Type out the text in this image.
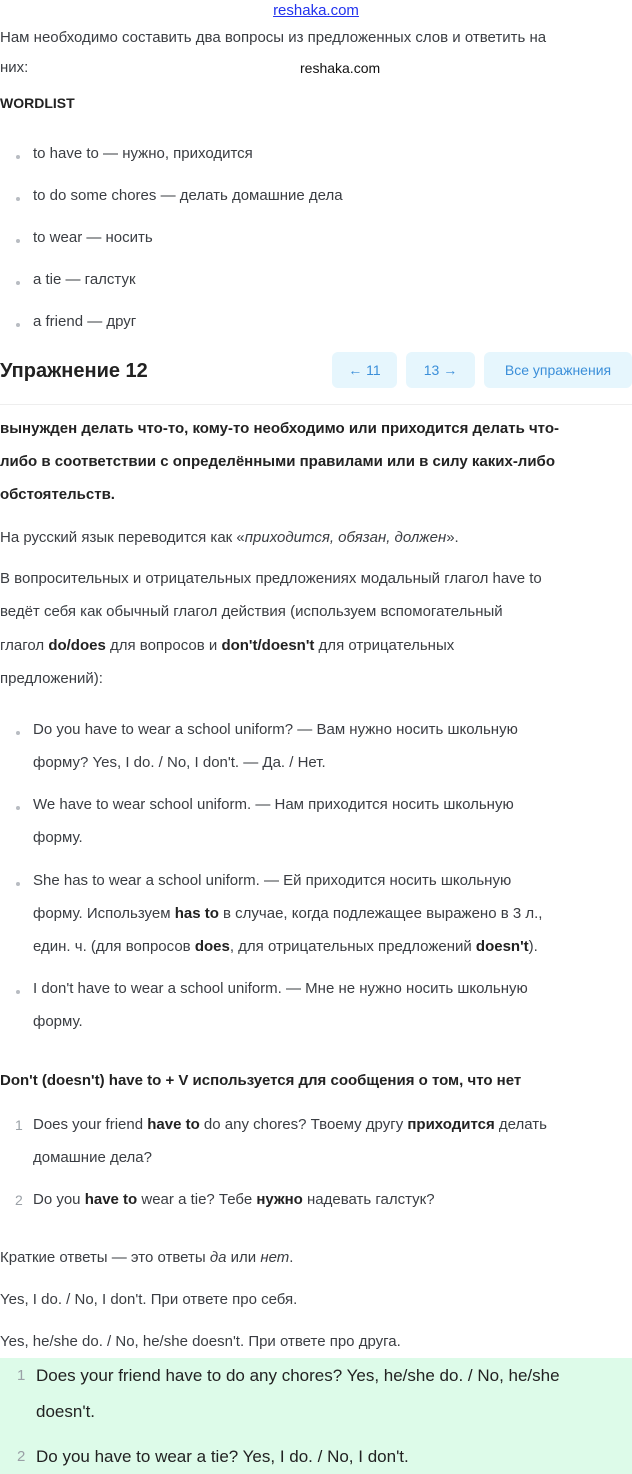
reshaka.com
Нам необходимо составить два вопросы из предложенных слов и ответить на
них:	reshaka.com
WORDLIST
to have to — нужно, приходится
to do some chores — делать домашние дела
to wear — носить
a tie — галстук
a friend — друг
Упражнение 12	← 11	13 →	Все упражнения
вынужден делать что-то, кому-то необходимо или приходится делать что-
либо в соответствии с определёнными правилами или в силу каких-либо
обстоятельств.
На русский язык переводится как «приходится, обязан, должен».
В вопросительных и отрицательных предложениях модальный глагол have to
ведёт себя как обычный глагол действия (используем вспомогательный
глагол do/does для вопросов и don't/doesn't для отрицательных
предложений):
Do you have to wear a school uniform? — Вам нужно носить школьную
форму? Yes, I do. / No, I don't. — Да. / Нет.
We have to wear school uniform. — Нам приходится носить школьную
форму.
She has to wear a school uniform. — Ей приходится носить школьную
форму. Используем has to в случае, когда подлежащее выражено в 3 л.,
един. ч. (для вопросов does, для отрицательных предложений doesn't).
I don't have to wear a school uniform. — Мне не нужно носить школьную
форму.
Don't (doesn't) have to + V используется для сообщения о том, что нет
1 Does your friend have to do any chores? Твоему другу приходится делать
домашние дела?
2 Do you have to wear a tie? Тебе нужно надевать галстук?
Краткие ответы — это ответы да или нет.
Yes, I do. / No, I don't. При ответе про себя.
Yes, he/she do. / No, he/she doesn't. При ответе про друга.
1 Does your friend have to do any chores? Yes, he/she do. / No, he/she
doesn't.
2 Do you have to wear a tie? Yes, I do. / No, I don't.
